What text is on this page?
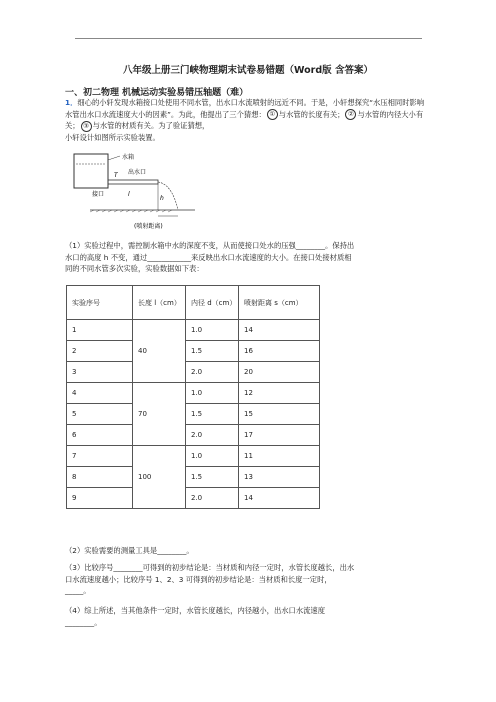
八年级上册三门峡物理期末试卷易错题（Word版 含答案）
一、初二物理 机械运动实验易错压轴题（难）
1．细心的小轩发现水箱接口处使用不同水管，出水口水流喷射的远近不同。于是，小轩想探究“水压相同时影响水管出水口水流速度大小的因素”。为此，他提出了三个猜想： ① 与水管的长度有关； ② 与水管的内径大小有关； ③ 与水管的材质有关。为了验证猜想，
小轩设计如图所示实验装置。
水箱
T 出水口
h
接口	l
(喷射距离)
（1）实验过程中，需控制水箱中水的深度不变，从而使接口处水的压强________。保持出
水口的高度 h 不变，通过____________来反映出水口水流速度的大小。在接口处接材质相
同的不同水管多次实验，实验数据如下表：
实验序号	长度 l（cm）	内径 d（cm）	喷射距离 s（cm）
1	40	1.0	14
2		1.5	16
3		2.0	20
4	70	1.0	12
5		1.5	15
6		2.0	17
7	100	1.0	11
8		1.5	13
9		2.0	14
（2）实验需要的测量工具是________。
（3）比较序号________可得到的初步结论是：当材质和内径一定时，水管长度越长，出水
口水流速度越小；比较序号 1、2、3 可得到的初步结论是：当材质和长度一定时，
_____。
（4）综上所述，当其他条件一定时，水管长度越长，内径越小，出水口水流速度
________。
